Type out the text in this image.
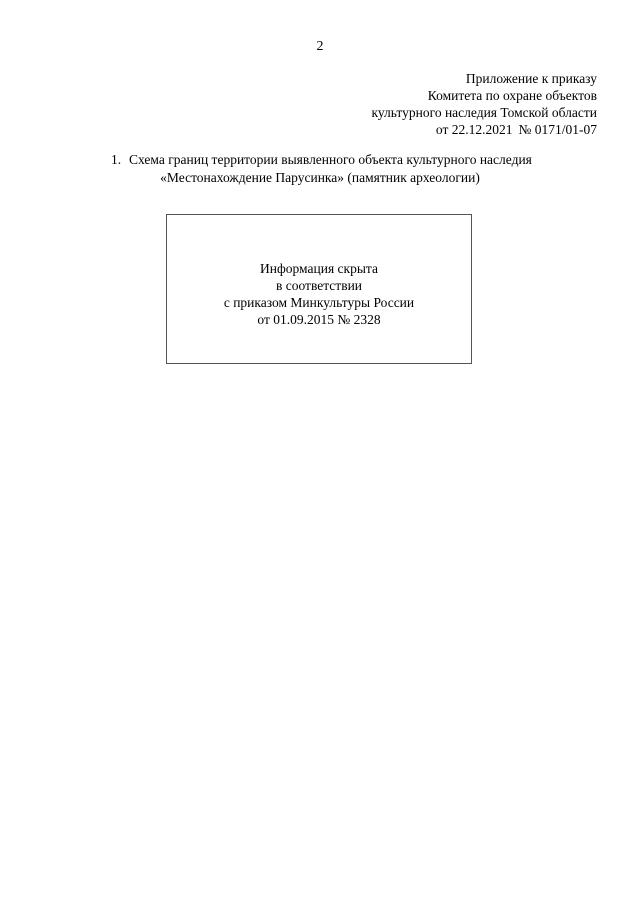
2
Приложение к приказу
Комитета по охране объектов
культурного наследия Томской области
от 22.12.2021 № 0171/01-07
1. Схема границ территории выявленного объекта культурного наследия
«Местонахождение Парусинка» (памятник археологии)
Информация скрыта
в соответствии
с приказом Минкультуры России
от 01.09.2015 № 2328
